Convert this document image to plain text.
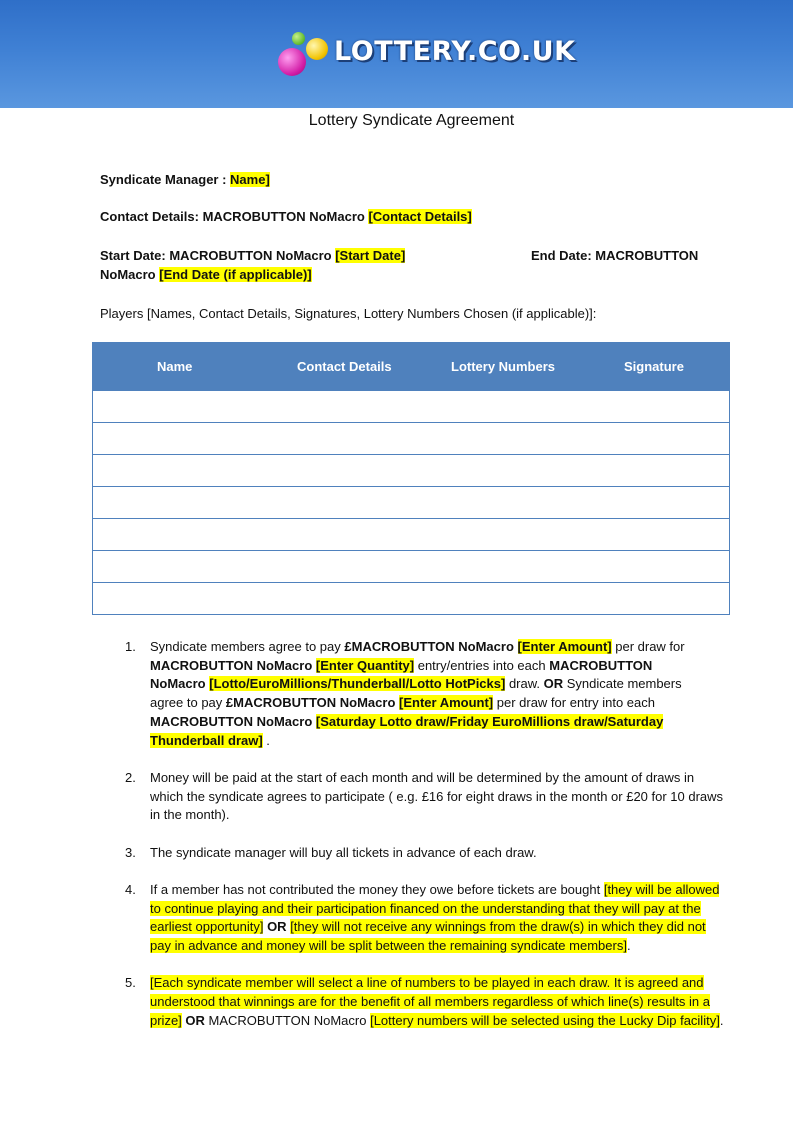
LOTTERY.CO.UK
Lottery Syndicate Agreement
Syndicate Manager : Name]
Contact Details: MACROBUTTON NoMacro [Contact Details]
Start Date: MACROBUTTON NoMacro [Start Date]	End Date: MACROBUTTON
NoMacro [End Date (if applicable)]
Players [Names, Contact Details, Signatures, Lottery Numbers Chosen (if applicable)]:
Name	Contact Details	Lottery Numbers	Signature
1. Syndicate members agree to pay £MACROBUTTON NoMacro [Enter Amount] per draw for
MACROBUTTON NoMacro [Enter Quantity] entry/entries into each MACROBUTTON
NoMacro [Lotto/EuroMillions/Thunderball/Lotto HotPicks] draw. OR Syndicate members
agree to pay £MACROBUTTON NoMacro [Enter Amount] per draw for entry into each
MACROBUTTON NoMacro [Saturday Lotto draw/Friday EuroMillions draw/Saturday
Thunderball draw] .
2. Money will be paid at the start of each month and will be determined by the amount of draws in which the syndicate agrees to participate ( e.g. £16 for eight draws in the month or £20 for 10 draws in the month).
3. The syndicate manager will buy all tickets in advance of each draw.
4. If a member has not contributed the money they owe before tickets are bought [they will be allowed to continue playing and their participation financed on the understanding that they will pay at the earliest opportunity] OR [they will not receive any winnings from the draw(s) in which they did not pay in advance and money will be split between the remaining syndicate members].
5. [Each syndicate member will select a line of numbers to be played in each draw. It is agreed and understood that winnings are for the benefit of all members regardless of which line(s) results in a prize] OR MACROBUTTON NoMacro [Lottery numbers will be selected using the Lucky Dip facility].
